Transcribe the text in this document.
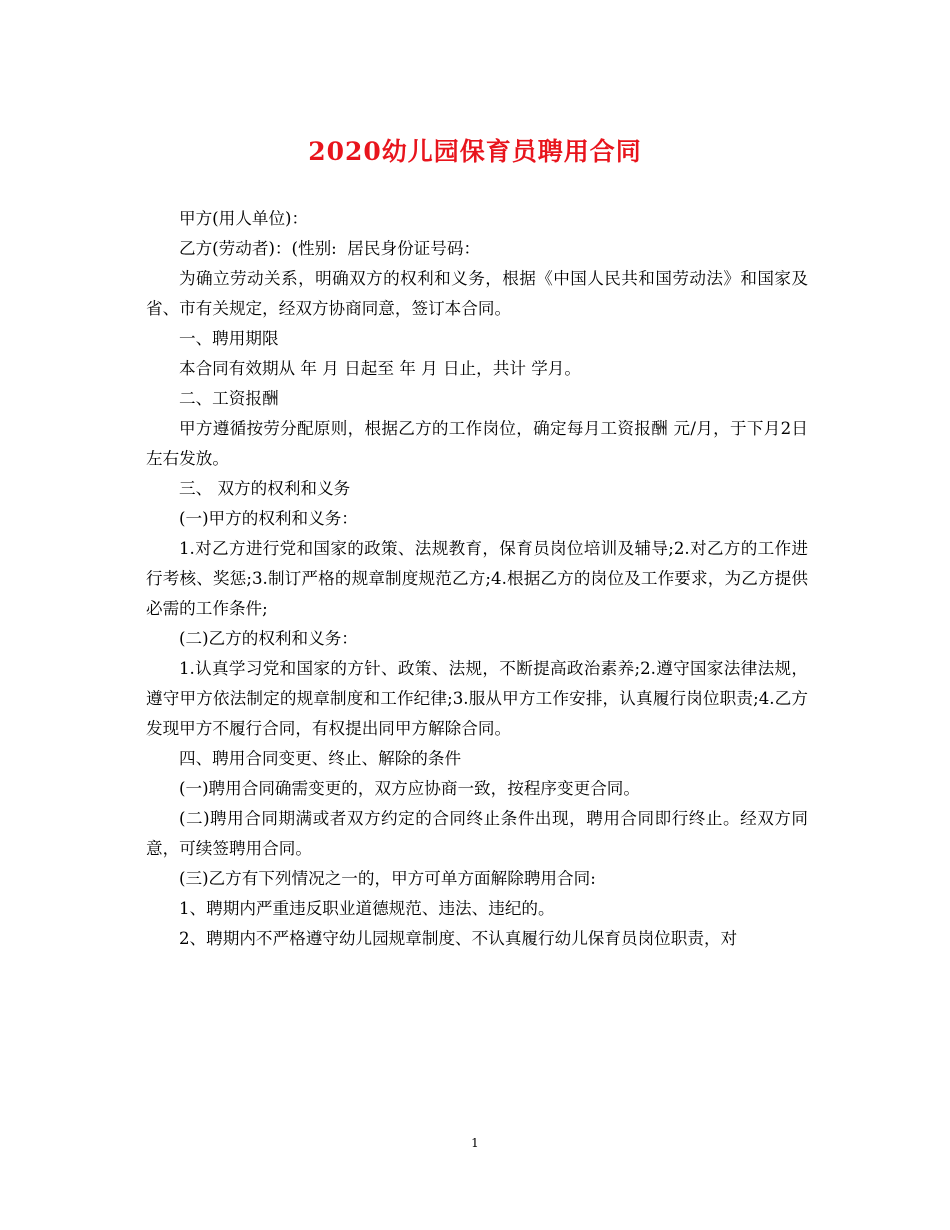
2020幼儿园保育员聘用合同

甲方(用人单位)：

乙方(劳动者)：(性别:  居民身份证号码：

为确立劳动关系，明确双方的权利和义务，根据《中国人民共和国劳动法》和国家及省、市有关规定，经双方协商同意，签订本合同。

一、聘用期限

本合同有效期从 年 月 日起至 年 月 日止，共计 学月。

二、工资报酬

甲方遵循按劳分配原则，根据乙方的工作岗位，确定每月工资报酬 元/月，于下月2日左右发放。

三、 双方的权利和义务

(一)甲方的权利和义务：

1.对乙方进行党和国家的政策、法规教育，保育员岗位培训及辅导;2.对乙方的工作进行考核、奖惩;3.制订严格的规章制度规范乙方;4.根据乙方的岗位及工作要求，为乙方提供必需的工作条件;

(二)乙方的权利和义务：

1.认真学习党和国家的方针、政策、法规，不断提高政治素养;2.遵守国家法律法规，遵守甲方依法制定的规章制度和工作纪律;3.服从甲方工作安排，认真履行岗位职责;4.乙方发现甲方不履行合同，有权提出同甲方解除合同。

四、聘用合同变更、终止、解除的条件

(一)聘用合同确需变更的，双方应协商一致，按程序变更合同。

(二)聘用合同期满或者双方约定的合同终止条件出现，聘用合同即行终止。经双方同意，可续签聘用合同。

(三)乙方有下列情况之一的，甲方可单方面解除聘用合同:

1、聘期内严重违反职业道德规范、违法、违纪的。

2、聘期内不严格遵守幼儿园规章制度、不认真履行幼儿保育员岗位职责，对

1
